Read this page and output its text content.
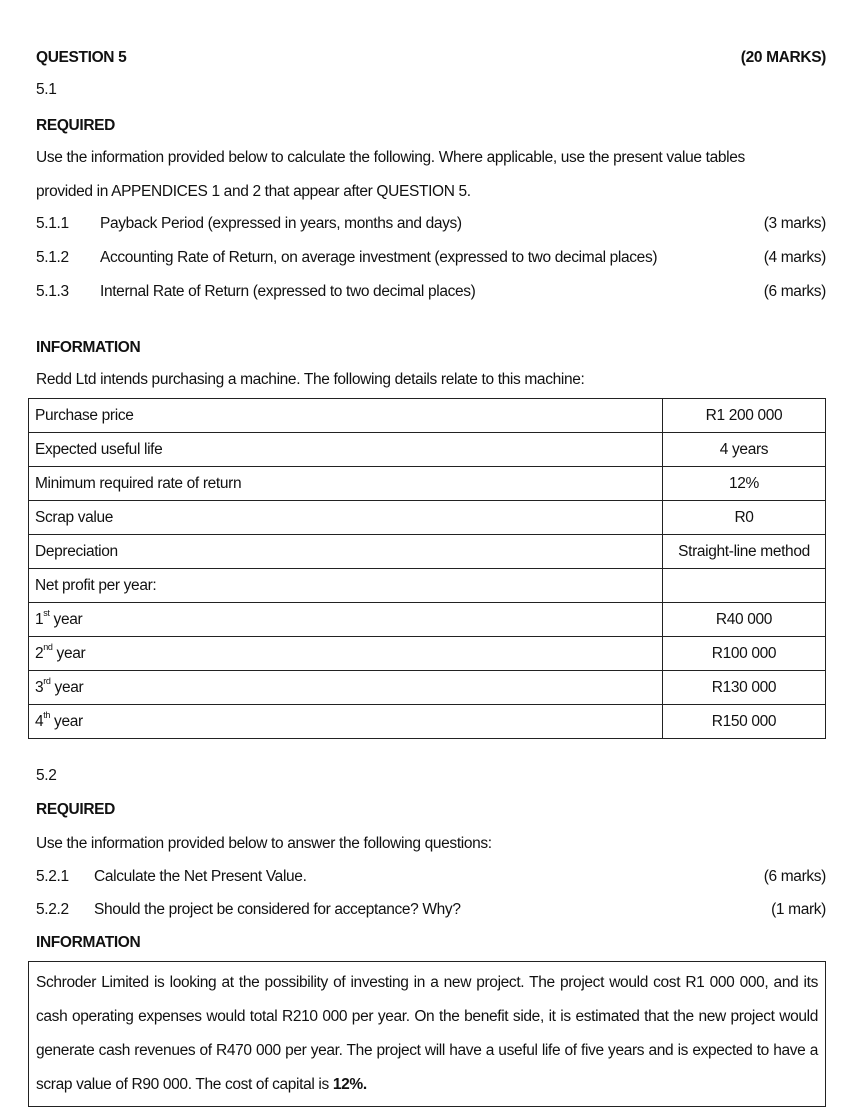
QUESTION 5	(20 MARKS)
5.1
REQUIRED
Use the information provided below to calculate the following. Where applicable, use the present value tables
provided in APPENDICES 1 and 2 that appear after QUESTION 5.
5.1.1 Payback Period (expressed in years, months and days)	(3 marks)
5.1.2 Accounting Rate of Return, on average investment (expressed to two decimal places)	(4 marks)
5.1.3 Internal Rate of Return (expressed to two decimal places)	(6 marks)
INFORMATION
Redd Ltd intends purchasing a machine. The following details relate to this machine:
Purchase price	R1 200 000
Expected useful life	4 years
Minimum required rate of return	12%
Scrap value	R0
Depreciation	Straight-line method
Net profit per year:	
1st year	R40 000
2nd year	R100 000
3rd year	R130 000
4th year	R150 000
5.2
REQUIRED
Use the information provided below to answer the following questions:
5.2.1 Calculate the Net Present Value.	(6 marks)
5.2.2 Should the project be considered for acceptance? Why?	(1 mark)
INFORMATION
Schroder Limited is looking at the possibility of investing in a new project. The project would cost R1 000 000, and its cash operating expenses would total R210 000 per year. On the benefit side, it is estimated that the new project would generate cash revenues of R470 000 per year. The project will have a useful life of five years and is expected to have a scrap value of R90 000. The cost of capital is 12%.
